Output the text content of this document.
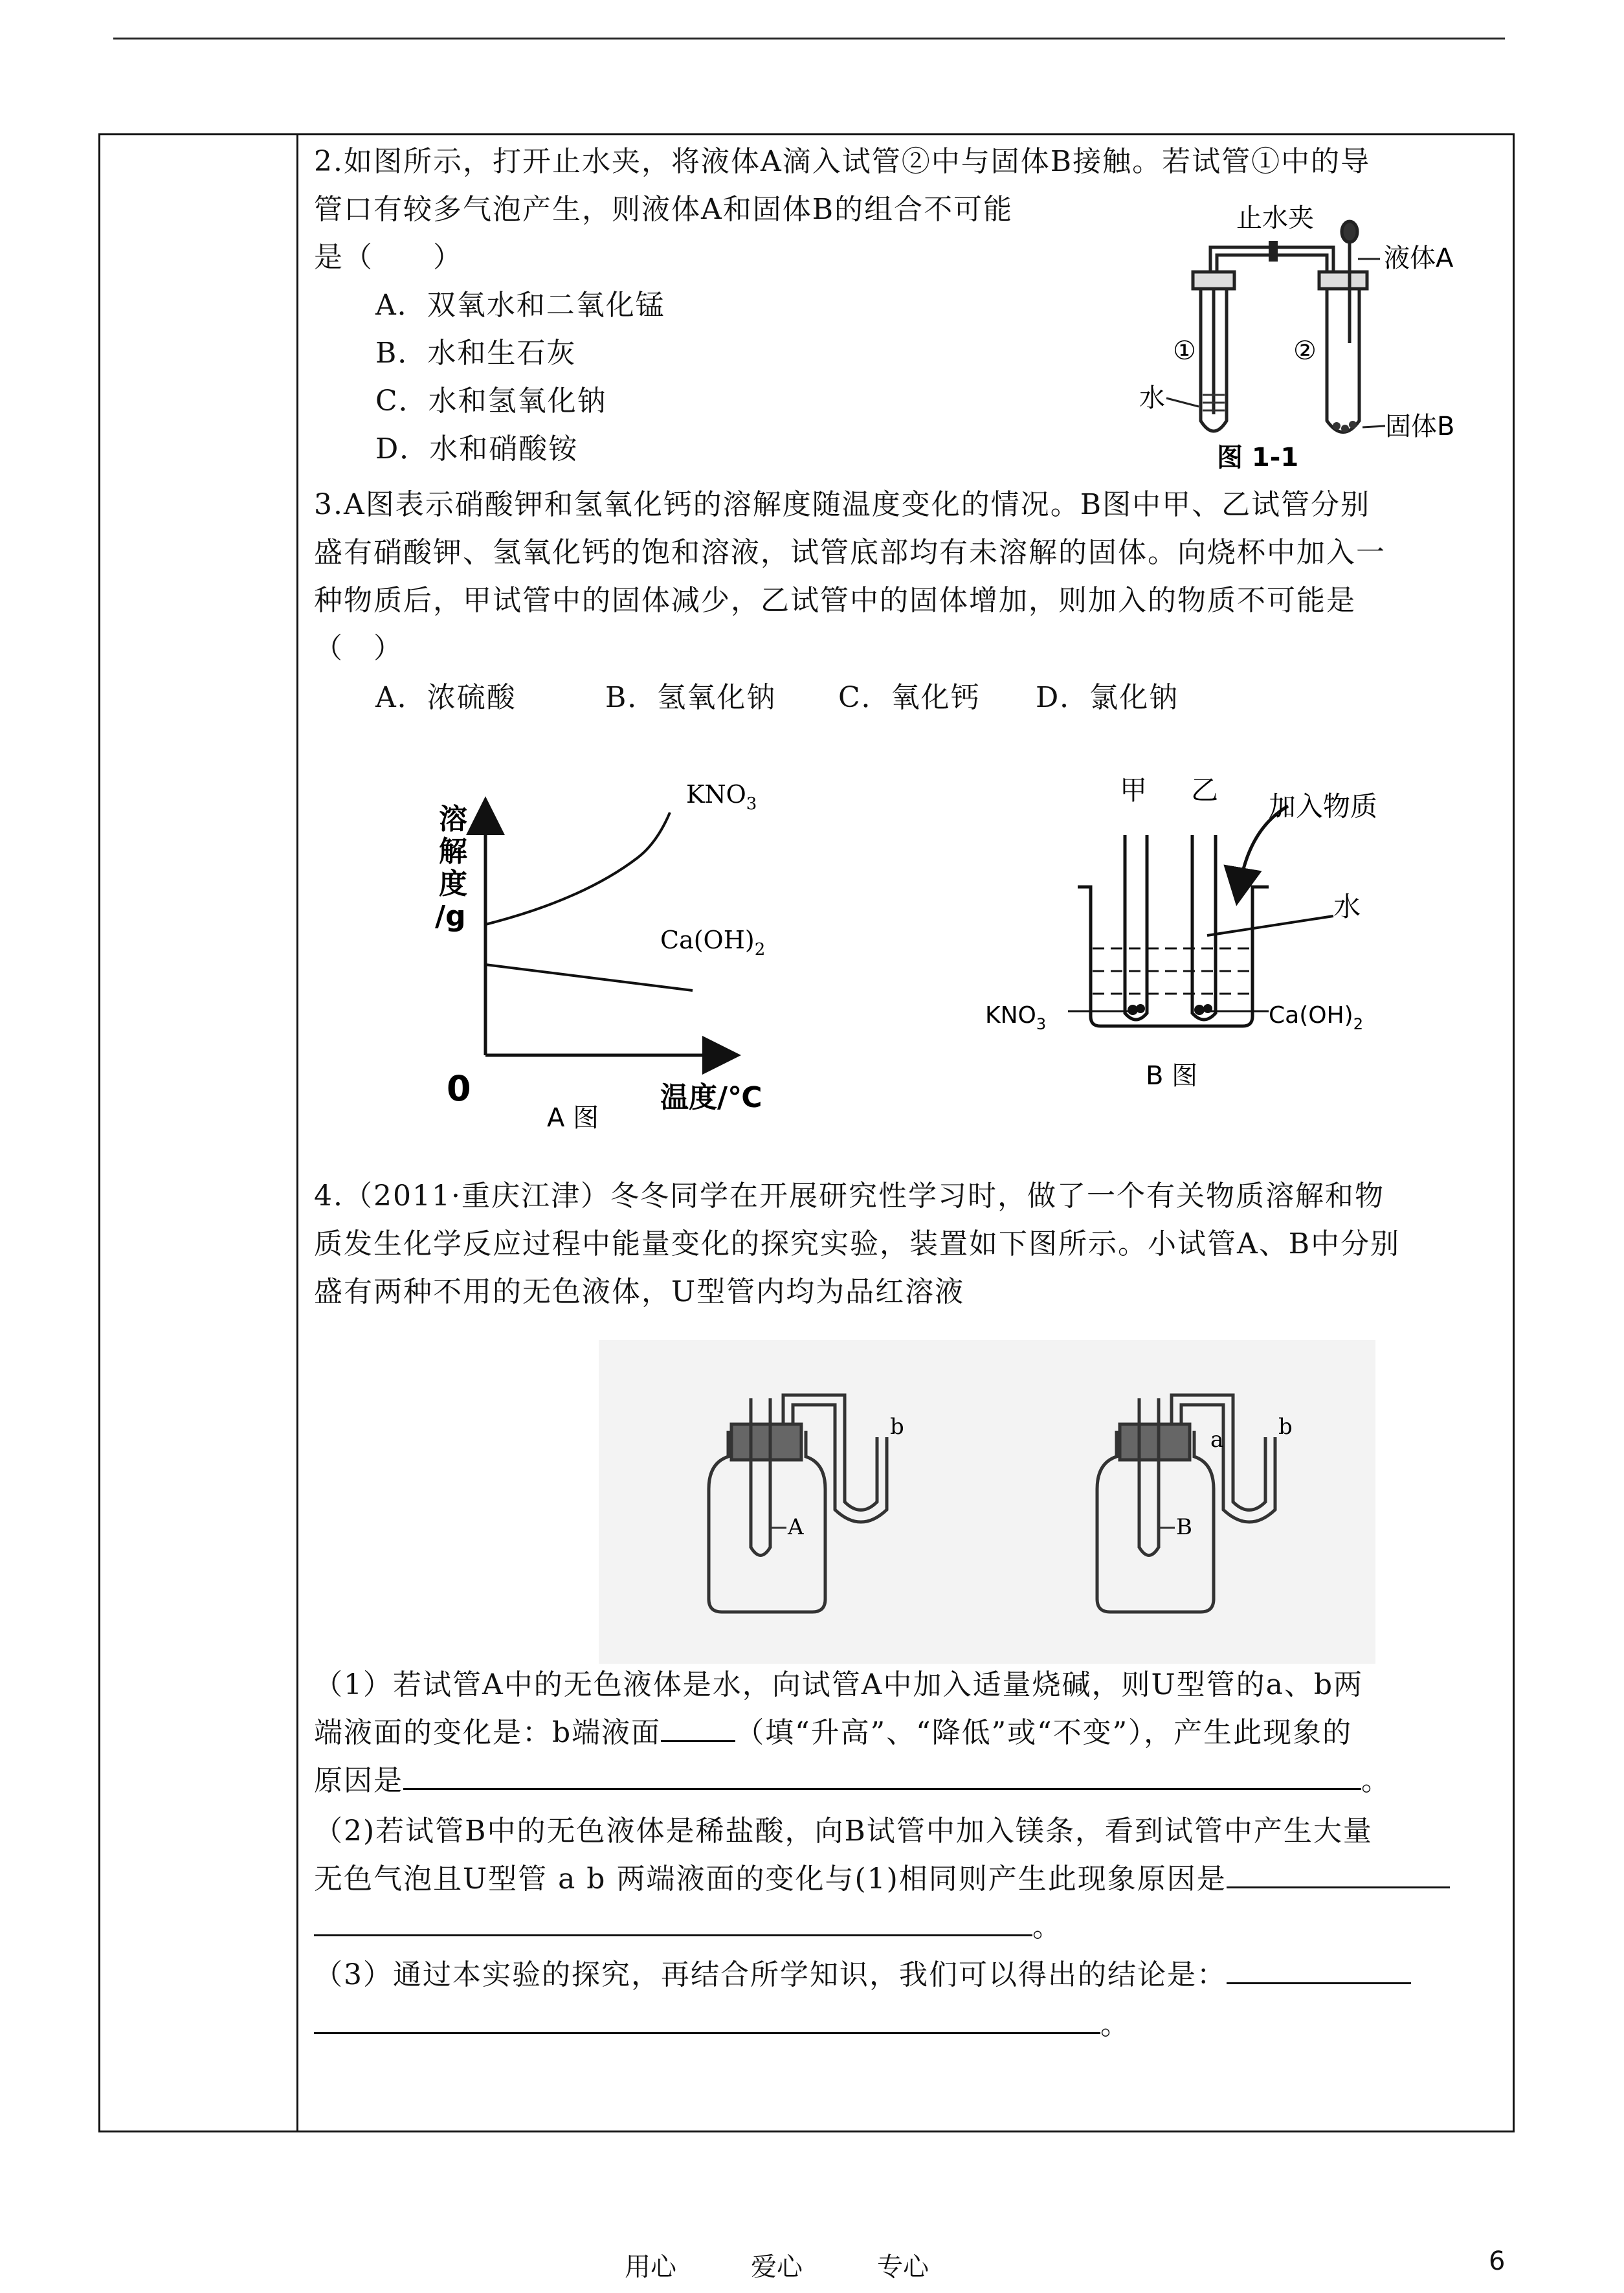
2.如图所示，打开止水夹，将液体A滴入试管②中与固体B接触。若试管①中的导
管口有较多气泡产生，则液体A和固体B的组合不可能
是（　　）
A．双氧水和二氧化锰
B．水和生石灰
C．水和氢氧化钠
D．水和硝酸铵
止水夹
液体A
①	②
水
固体B
图 1-1
3.A图表示硝酸钾和氢氧化钙的溶解度随温度变化的情况。B图中甲、乙试管分别
盛有硝酸钾、氢氧化钙的饱和溶液，试管底部均有未溶解的固体。向烧杯中加入一
种物质后，甲试管中的固体减少，乙试管中的固体增加，则加入的物质不可能是
（　）
A．浓硫酸	B．氢氧化钠 C．氧化钙 D．氯化钠
溶
解
度
/g
0	温度/℃
A 图
$KNO_3$
$Ca(OH)_2$
甲 乙
加入物质
水
$KNO_3$	$Ca(OH)_2$
B 图
4.（2011·重庆江津）冬冬同学在开展研究性学习时，做了一个有关物质溶解和物
质发生化学反应过程中能量变化的探究实验，装置如下图所示。小试管A、B中分别
盛有两种不用的无色液体，U型管内均为品红溶液
b
A
a b
B
（1）若试管A中的无色液体是水，向试管A中加入适量烧碱，则U型管的a、b两
端液面的变化是：b端液面	（填“升高”、“降低”或“不变”），产生此现象的
原因是	。
（2)若试管B中的无色液体是稀盐酸，向B试管中加入镁条，看到试管中产生大量
无色气泡且U型管 a b 两端液面的变化与(1)相同则产生此现象原因是
。
（3）通过本实验的探究，再结合所学知识，我们可以得出的结论是：
。
用心	爱心	专心	6
